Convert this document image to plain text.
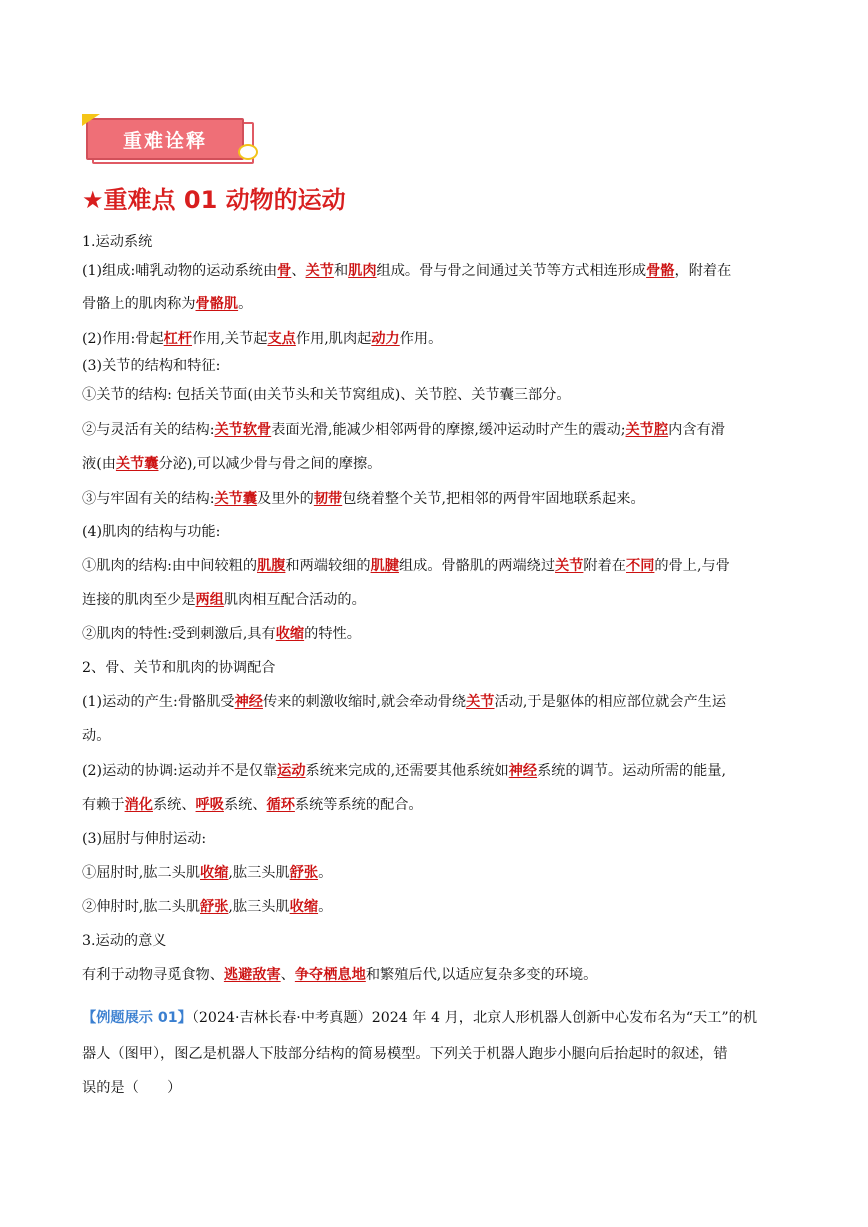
重难诠释
★重难点 01 动物的运动
1.运动系统
(1)组成:哺乳动物的运动系统由骨、关节和肌肉组成。骨与骨之间通过关节等方式相连形成骨骼，附着在
骨骼上的肌肉称为骨骼肌。
(2)作用:骨起杠杆作用,关节起支点作用,肌肉起动力作用。
(3)关节的结构和特征:
①关节的结构: 包括关节面(由关节头和关节窝组成)、关节腔、关节囊三部分。
②与灵活有关的结构:关节软骨表面光滑,能减少相邻两骨的摩擦,缓冲运动时产生的震动;关节腔内含有滑
液(由关节囊分泌),可以减少骨与骨之间的摩擦。
③与牢固有关的结构:关节囊及里外的韧带包绕着整个关节,把相邻的两骨牢固地联系起来。
(4)肌肉的结构与功能:
①肌肉的结构:由中间较粗的肌腹和两端较细的肌腱组成。骨骼肌的两端绕过关节附着在不同的骨上,与骨
连接的肌肉至少是两组肌肉相互配合活动的。
②肌肉的特性:受到刺激后,具有收缩的特性。
2、骨、关节和肌肉的协调配合
(1)运动的产生:骨骼肌受神经传来的刺激收缩时,就会牵动骨绕关节活动,于是躯体的相应部位就会产生运
动。
(2)运动的协调:运动并不是仅靠运动系统来完成的,还需要其他系统如神经系统的调节。运动所需的能量,
有赖于消化系统、呼吸系统、循环系统等系统的配合。
(3)屈肘与伸肘运动:
①屈肘时,肱二头肌收缩,肱三头肌舒张。
②伸肘时,肱二头肌舒张,肱三头肌收缩。
3.运动的意义
有利于动物寻觅食物、逃避敌害、争夺栖息地和繁殖后代,以适应复杂多变的环境。
【例题展示 01】（2024·吉林长春·中考真题）2024 年 4 月，北京人形机器人创新中心发布名为“天工”的机
器人（图甲），图乙是机器人下肢部分结构的简易模型。下列关于机器人跑步小腿向后抬起时的叙述，错
误的是（　　）
